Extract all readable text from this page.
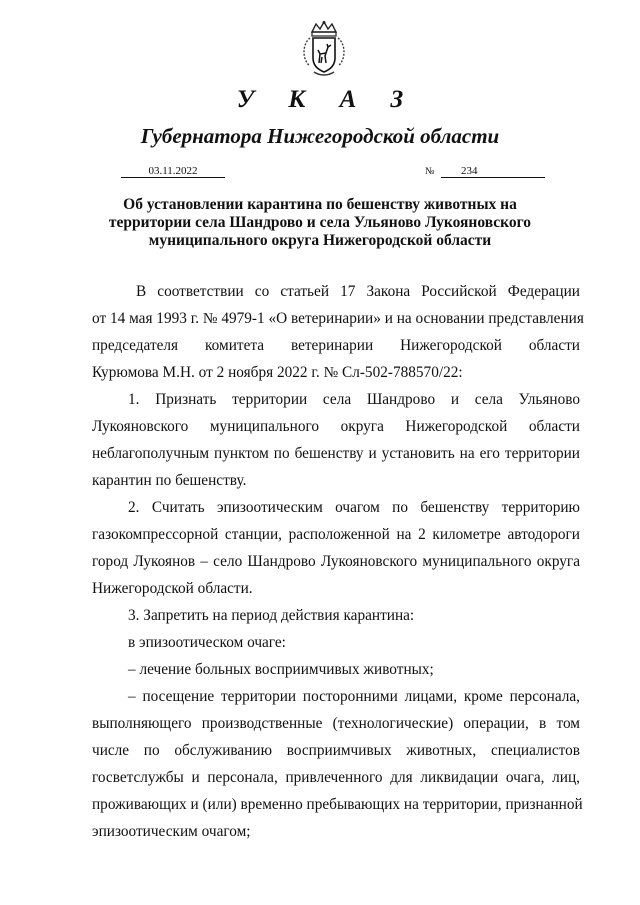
У К А З
Губернатора Нижегородской области
03.11.2022	№	234
Об установлении карантина по бешенству животных на
территории села Шандрово и села Ульяново Лукояновского
муниципального округа Нижегородской области
В соответствии со статьей 17 Закона Российской Федерации
от 14 мая 1993 г. № 4979-1 «О ветеринарии» и на основании представления
председателя комитета ветеринарии Нижегородской области
Курюмова М.Н. от 2 ноября 2022 г. № Сл-502-788570/22:
1. Признать территории села Шандрово и села Ульяново
Лукояновского муниципального округа Нижегородской области
неблагополучным пунктом по бешенству и установить на его территории
карантин по бешенству.
2. Считать эпизоотическим очагом по бешенству территорию
газокомпрессорной станции, расположенной на 2 километре автодороги
город Лукоянов – село Шандрово Лукояновского муниципального округа
Нижегородской области.
3. Запретить на период действия карантина:
в эпизоотическом очаге:
– лечение больных восприимчивых животных;
– посещение территории посторонними лицами, кроме персонала,
выполняющего производственные (технологические) операции, в том
числе по обслуживанию восприимчивых животных, специалистов
госветслужбы и персонала, привлеченного для ликвидации очага, лиц,
проживающих и (или) временно пребывающих на территории, признанной
эпизоотическим очагом;
